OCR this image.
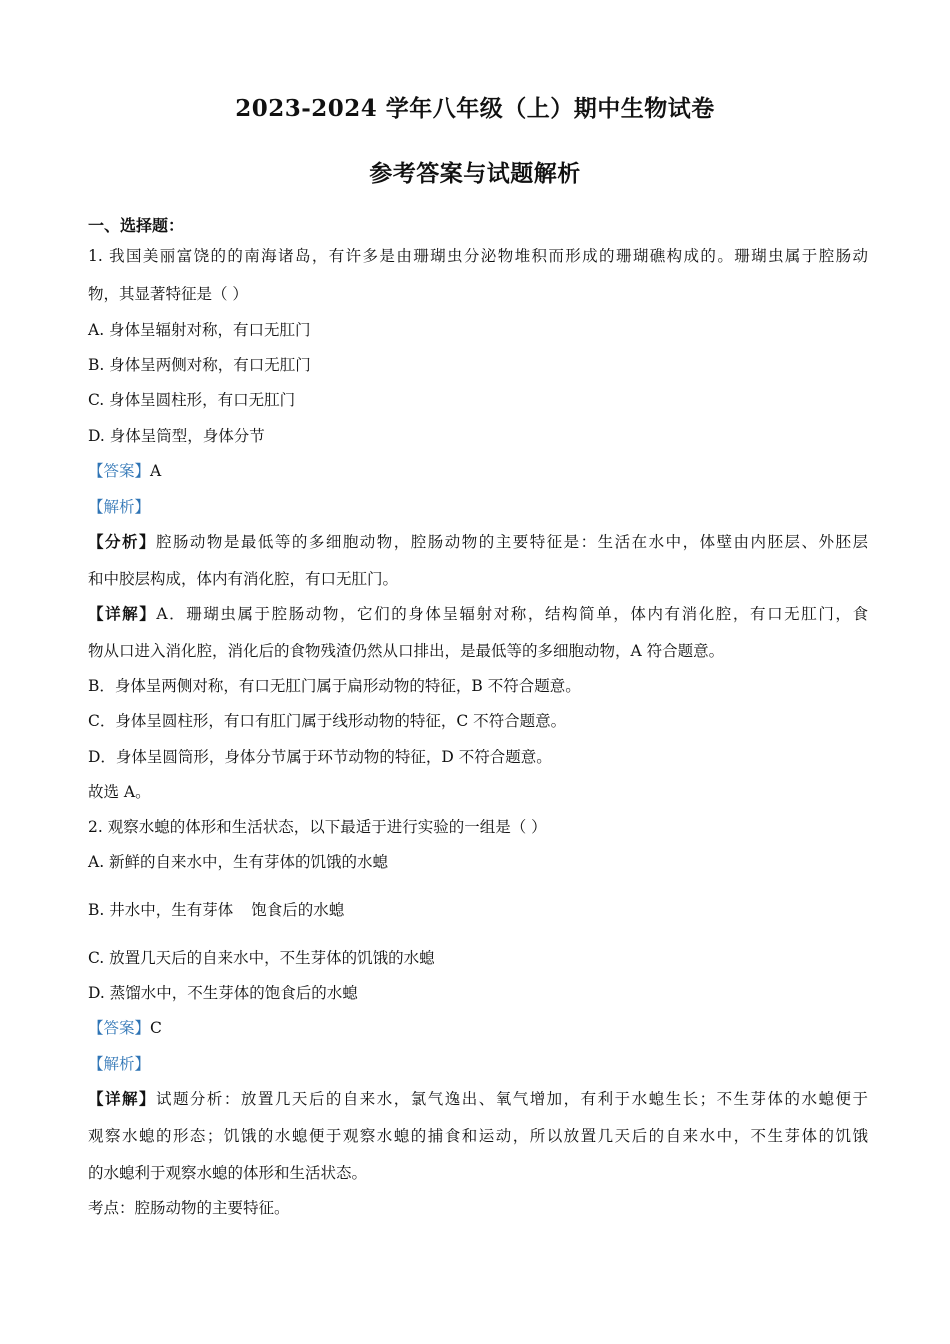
2023-2024 学年八年级（上）期中生物试卷
参考答案与试题解析
一、选择题：
1. 我国美丽富饶的的南海诸岛，有许多是由珊瑚虫分泌物堆积而形成的珊瑚礁构成的。珊瑚虫属于腔肠动
物，其显著特征是（ ）
A. 身体呈辐射对称，有口无肛门
B. 身体呈两侧对称，有口无肛门
C. 身体呈圆柱形，有口无肛门
D. 身体呈筒型，身体分节
【答案】A
【解析】
【分析】腔肠动物是最低等的多细胞动物，腔肠动物的主要特征是：生活在水中，体壁由内胚层、外胚层
和中胶层构成，体内有消化腔，有口无肛门。
【详解】A．珊瑚虫属于腔肠动物，它们的身体呈辐射对称，结构简单，体内有消化腔，有口无肛门，食
物从口进入消化腔，消化后的食物残渣仍然从口排出，是最低等的多细胞动物，A 符合题意。
B．身体呈两侧对称，有口无肛门属于扁形动物的特征，B 不符合题意。
C．身体呈圆柱形，有口有肛门属于线形动物的特征，C 不符合题意。
D．身体呈圆筒形，身体分节属于环节动物的特征，D 不符合题意。
故选 A。
2. 观察水螅的体形和生活状态，以下最适于进行实验的一组是（ ）
A. 新鲜的自来水中，生有芽体的饥饿的水螅
B. 井水中，生有芽体 饱食后的水螅
C. 放置几天后的自来水中，不生芽体的饥饿的水螅
D. 蒸馏水中，不生芽体的饱食后的水螅
【答案】C
【解析】
【详解】试题分析：放置几天后的自来水，氯气逸出、氧气增加，有利于水螅生长；不生芽体的水螅便于
观察水螅的形态；饥饿的水螅便于观察水螅的捕食和运动，所以放置几天后的自来水中，不生芽体的饥饿
的水螅利于观察水螅的体形和生活状态。
考点：腔肠动物的主要特征。
